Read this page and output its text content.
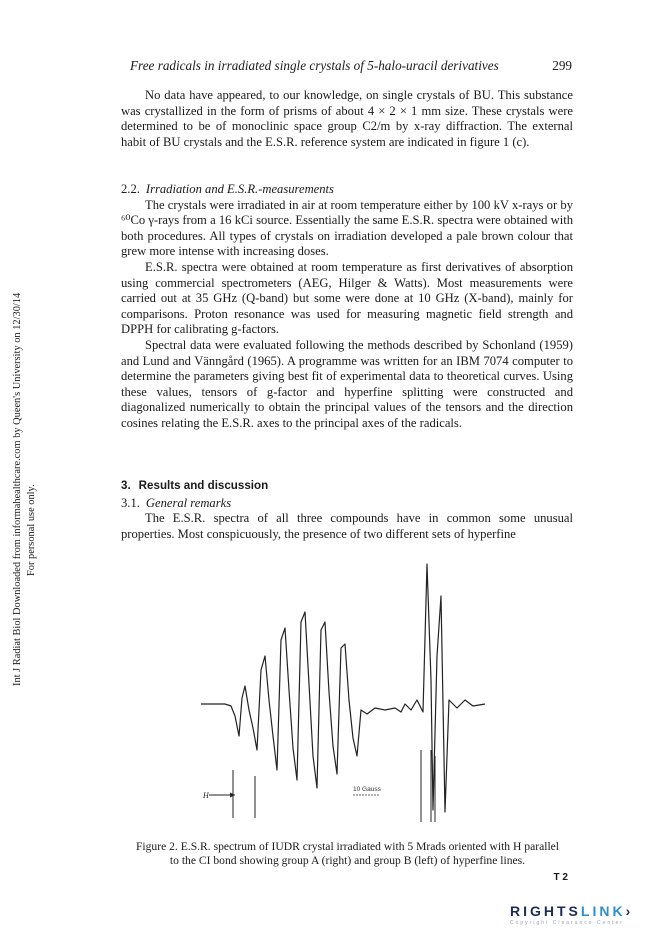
Int J Radiat Biol Downloaded from informahealthcare.com by Queen's University on 12/30/14 For personal use only.
Free radicals in irradiated single crystals of 5-halo-uracil derivatives	299

No data have appeared, to our knowledge, on single crystals of BU. This substance was crystallized in the form of prisms of about 4 × 2 × 1 mm size. These crystals were determined to be of monoclinic space group C2/m by x-ray diffraction. The external habit of BU crystals and the E.S.R. reference system are indicated in figure 1 (c).

2.2. Irradiation and E.S.R.-measurements

The crystals were irradiated in air at room temperature either by 100 kV x-rays or by ⁶⁰Co γ-rays from a 16 kCi source. Essentially the same E.S.R. spectra were obtained with both procedures. All types of crystals on irradiation developed a pale brown colour that grew more intense with increasing doses.

E.S.R. spectra were obtained at room temperature as first derivatives of absorption using commercial spectrometers (AEG, Hilger & Watts). Most measurements were carried out at 35 GHz (Q-band) but some were done at 10 GHz (X-band), mainly for comparisons. Proton resonance was used for measuring magnetic field strength and DPPH for calibrating g-factors.

Spectral data were evaluated following the methods described by Schonland (1959) and Lund and Vänngård (1965). A programme was written for an IBM 7074 computer to determine the parameters giving best fit of experimental data to theoretical curves. Using these values, tensors of g-factor and hyperfine splitting were constructed and diagonalized numerically to obtain the principal values of the tensors and the direction cosines relating the E.S.R. axes to the principal axes of the radicals.

3. Results and discussion

3.1. General remarks

The E.S.R. spectra of all three compounds have in common some unusual properties. Most conspicuously, the presence of two different sets of hyperfine

H
10 Gauss
Figure 2. E.S.R. spectrum of IUDR crystal irradiated with 5 Mrads oriented with H parallel
to the CI bond showing group A (right) and group B (left) of hyperfine lines.
T 2
RIGHTSLINK›
Copyright Clearance Center
